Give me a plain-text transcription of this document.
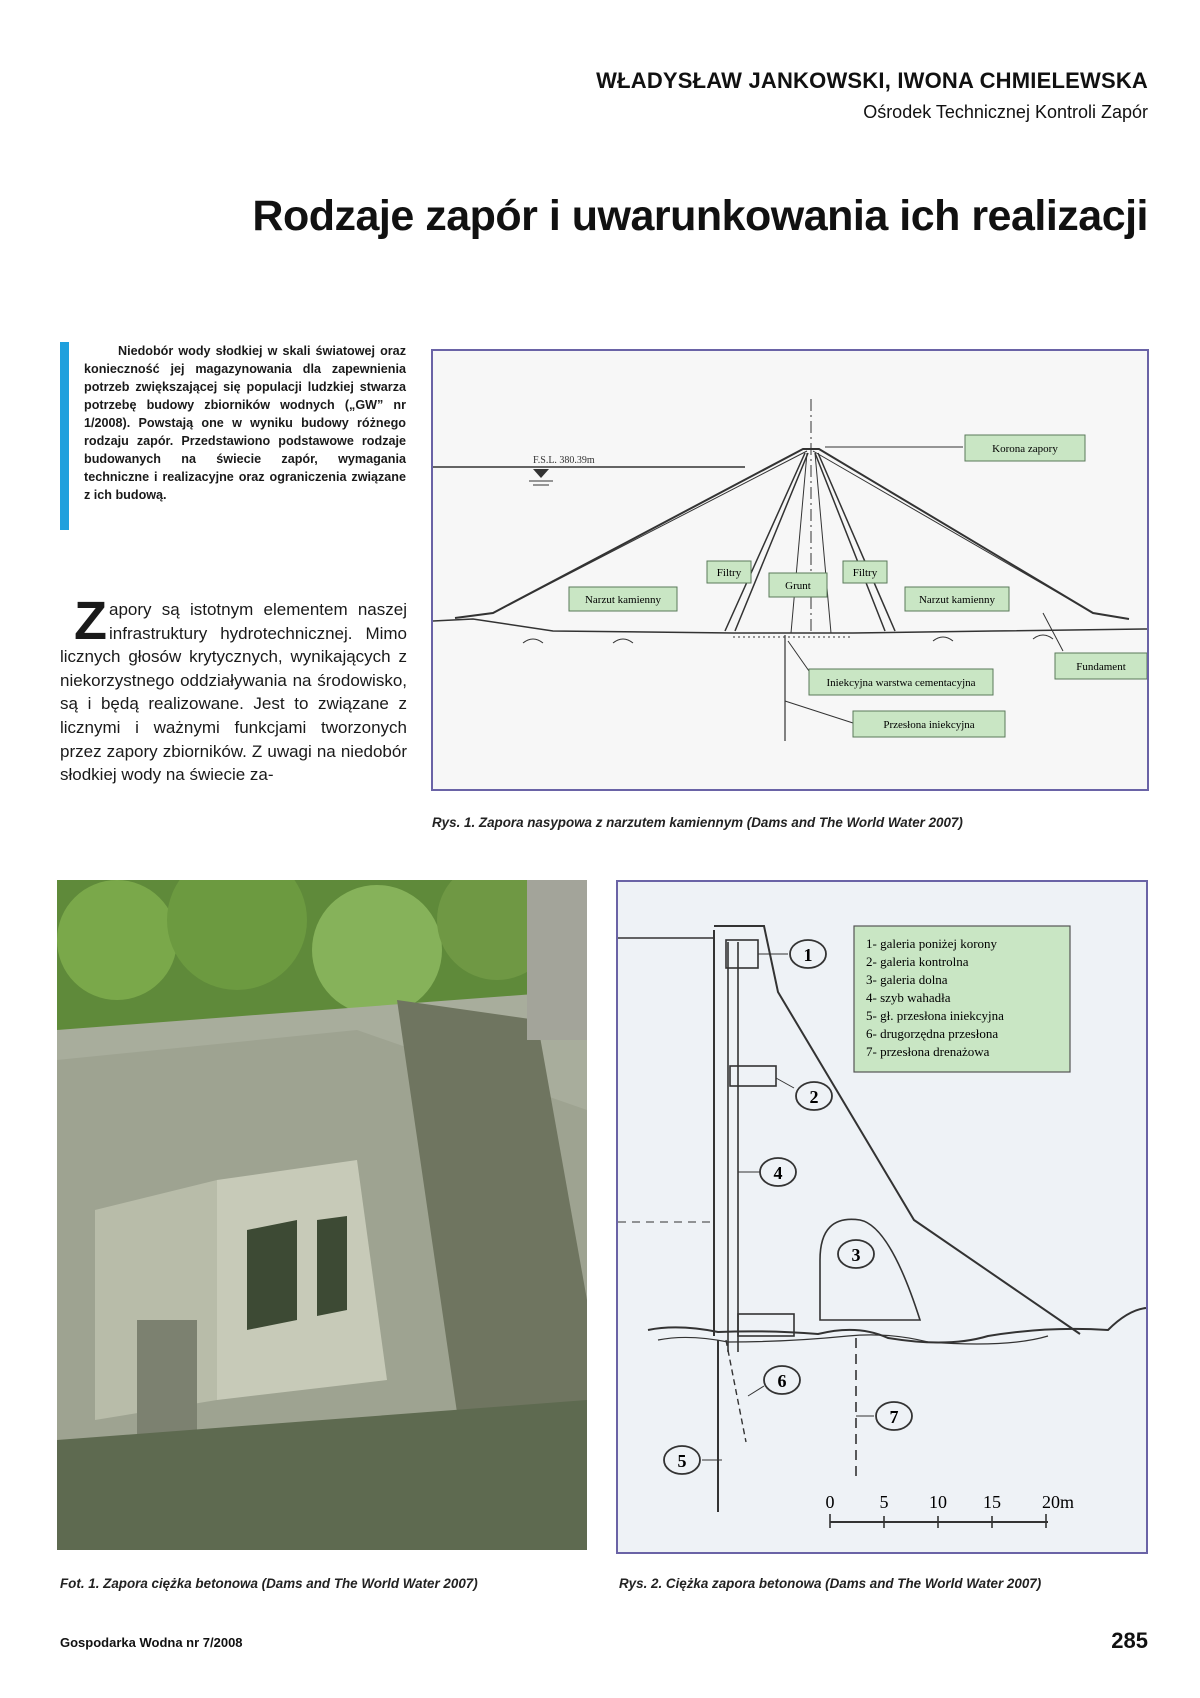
WŁADYSŁAW JANKOWSKI, IWONA CHMIELEWSKA
Ośrodek Technicznej Kontroli Zapór
Rodzaje zapór i uwarunkowania ich realizacji
Niedobór wody słodkiej w skali światowej oraz konieczność jej magazynowania dla zapewnienia potrzeb zwiększającej się populacji ludzkiej stwarza potrzebę budowy zbiorników wodnych („GW” nr 1/2008). Powstają one w wyniku budowy różnego rodzaju zapór. Przedstawiono podstawowe rodzaje budowanych na świecie zapór, wymagania techniczne i realizacyjne oraz ograniczenia związane z ich budową.
Zapory są istotnym elementem naszej infrastruktury hydrotechnicznej. Mimo licznych głosów krytycznych, wynikających z niekorzystnego oddziaływania na środowisko, są i będą realizowane. Jest to związane z licznymi i ważnymi funkcjami tworzonych przez zapory zbiorników. Z uwagi na niedobór słodkiej wody na świecie za-
F.S.L. 380.39m
Korona zapory
Filtry	Filtry
Grunt
Narzut kamienny	Narzut kamienny
Fundament
Iniekcyjna warstwa cementacyjna
Przesłona iniekcyjna
Rys. 1. Zapora nasypowa z narzutem kamiennym (Dams and The World Water 2007)
Fot. 1. Zapora ciężka betonowa (Dams and The World Water 2007)
1
2
3
4
5
6
7
1- galeria poniżej korony
2- galeria kontrolna
3- galeria dolna
4- szyb wahadła
5- gł. przesłona iniekcyjna
6- drugorzędna przesłona
7- przesłona drenażowa
0	5 10 15 20m
Rys. 2. Ciężka zapora betonowa (Dams and The World Water 2007)
Gospodarka Wodna nr 7/2008	285
